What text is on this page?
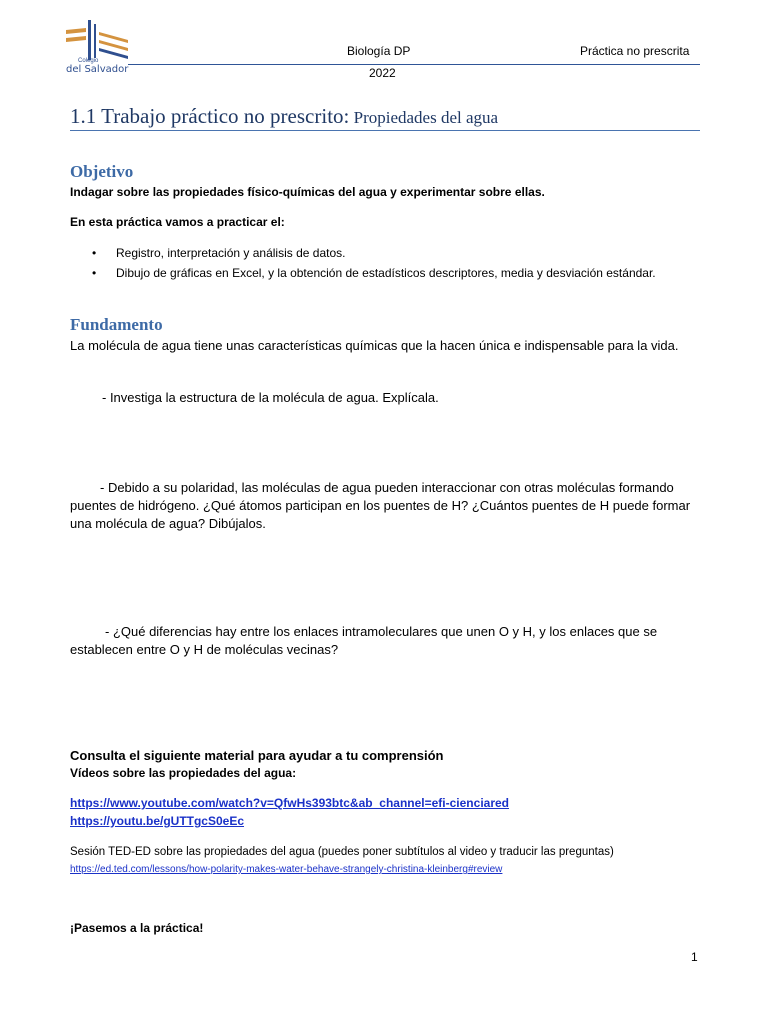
Colegio
del Salvador
Biología DP	Práctica no prescrita
2022
1.1 Trabajo práctico no prescrito: Propiedades del agua
Objetivo
Indagar sobre las propiedades físico-químicas del agua y experimentar sobre ellas.
En esta práctica vamos a practicar el:
• Registro, interpretación y análisis de datos.
• Dibujo de gráficas en Excel, y la obtención de estadísticos descriptores, media y desviación estándar.
Fundamento
La molécula de agua tiene unas características químicas que la hacen única e indispensable para la vida.
- Investiga la estructura de la molécula de agua. Explícala.
- Debido a su polaridad, las moléculas de agua pueden interaccionar con otras moléculas formando puentes de hidrógeno. ¿Qué átomos participan en los puentes de H? ¿Cuántos puentes de H puede formar una molécula de agua? Dibújalos.
- ¿Qué diferencias hay entre los enlaces intramoleculares que unen O y H, y los enlaces que se establecen entre O y H de moléculas vecinas?
Consulta el siguiente material para ayudar a tu comprensión
Vídeos sobre las propiedades del agua:
https://www.youtube.com/watch?v=QfwHs393btc&ab_channel=efi-cienciared
https://youtu.be/gUTTgcS0eEc
Sesión TED-ED sobre las propiedades del agua (puedes poner subtítulos al video y traducir las preguntas)
https://ed.ted.com/lessons/how-polarity-makes-water-behave-strangely-christina-kleinberg#review
¡Pasemos a la práctica!
1
